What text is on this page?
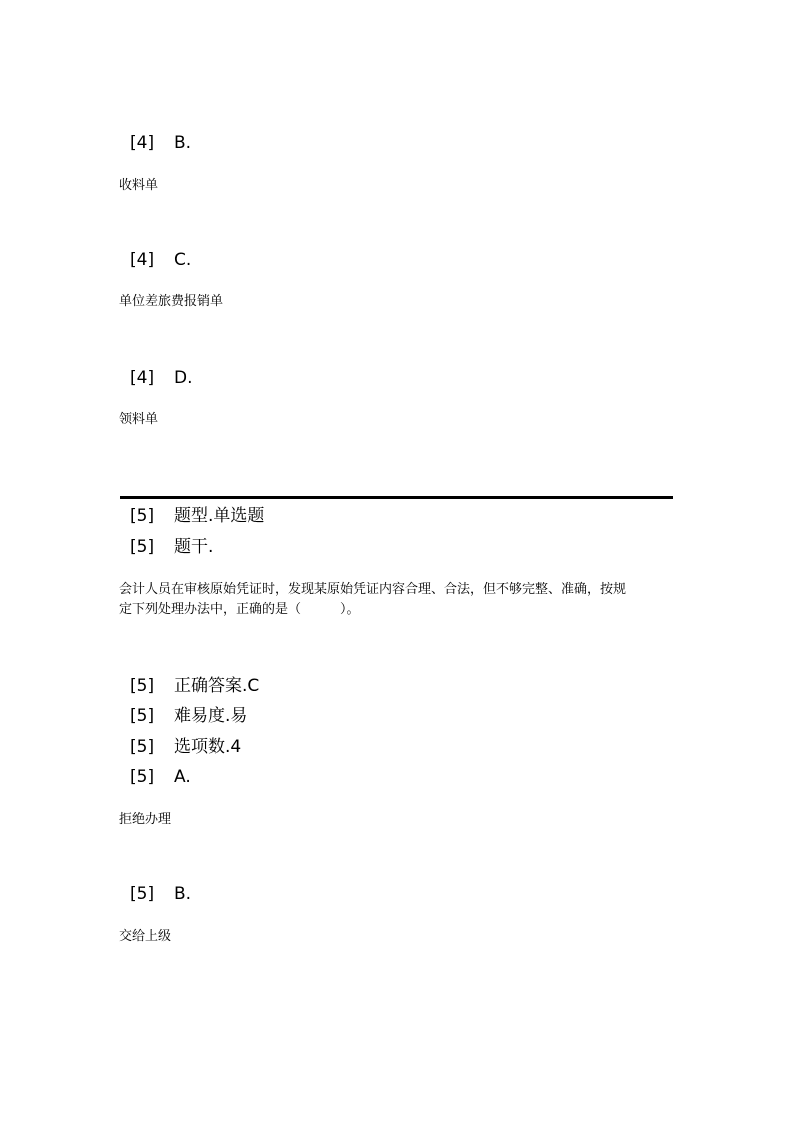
[4] B.
收料单
[4] C.
单位差旅费报销单
[4] D.
领料单
[5] 题型.单选题
[5] 题干.
会计人员在审核原始凭证时，发现某原始凭证内容合理、合法，但不够完整、准确，按规
定下列处理办法中，正确的是（　　　）。
[5] 正确答案.C
[5] 难易度.易
[5] 选项数.4
[5] A.
拒绝办理
[5] B.
交给上级
